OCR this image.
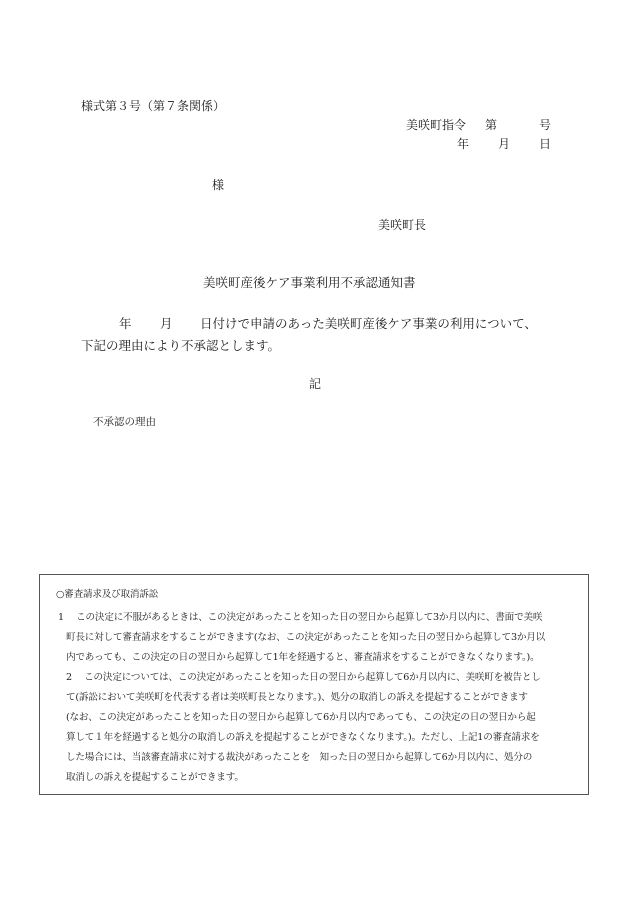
様式第３号（第７条関係）
美咲町指令 第	号
年 月 日
様
美咲町長
美咲町産後ケア事業利用不承認通知書
年 月 日付けで申請のあった美咲町産後ケア事業の利用について、
下記の理由により不承認とします。
記
不承認の理由
○審査請求及び取消訴訟
1　 この決定に不服があるときは、この決定があったことを知った日の翌日から起算して3か月以内に、書面で美咲
町長に対して審査請求をすることができます(なお、この決定があったことを知った日の翌日から起算して3か月以
内であっても、この決定の日の翌日から起算して1年を経過すると、審査請求をすることができなくなります。)。
2　 この決定については、この決定があったことを知った日の翌日から起算して6か月以内に、美咲町を被告とし
て(訴訟において美咲町を代表する者は美咲町長となります。)、処分の取消しの訴えを提起することができます
(なお、この決定があったことを知った日の翌日から起算して6か月以内であっても、この決定の日の翌日から起
算して１年を経過すると処分の取消しの訴えを提起することができなくなります。)。ただし、上記1の審査請求を
した場合には、当該審査請求に対する裁決があったことを　知った日の翌日から起算して6か月以内に、処分の
取消しの訴えを提起することができます。
